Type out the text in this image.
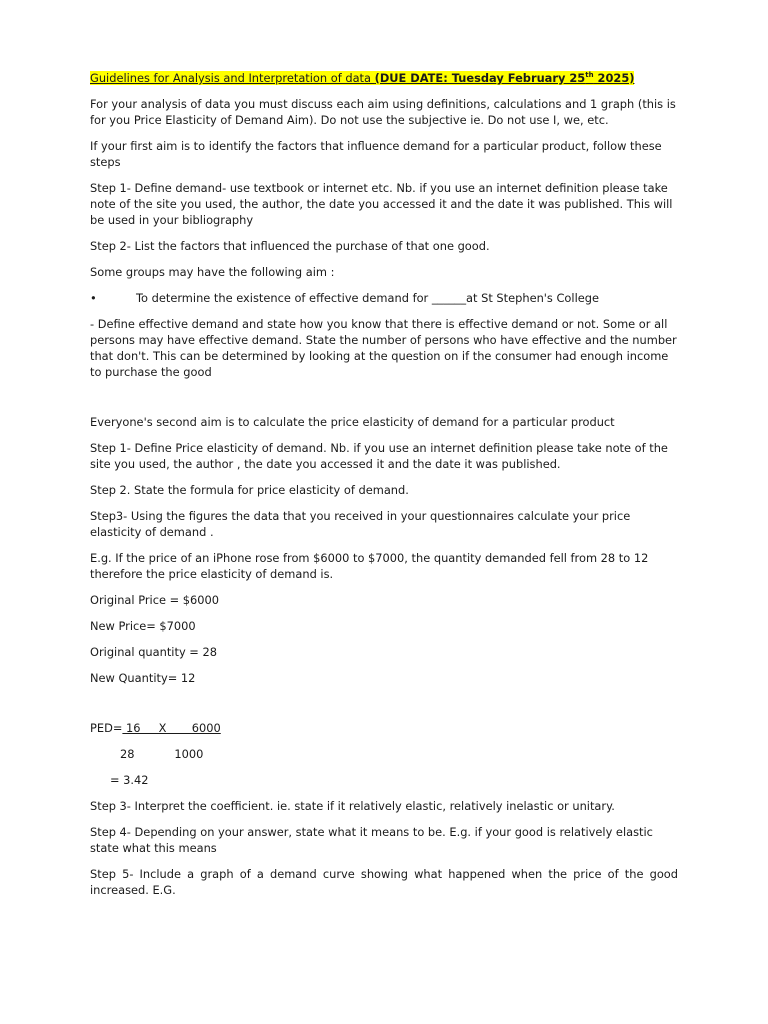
Guidelines for Analysis and Interpretation of data (DUE DATE: Tuesday February 25th 2025)

For your analysis of data you must discuss each aim using definitions, calculations and 1 graph (this is for you Price Elasticity of Demand Aim). Do not use the subjective ie. Do not use I, we, etc.

If your first aim is to identify the factors that influence demand for a particular product, follow these steps

Step 1- Define demand- use textbook or internet etc. Nb. if you use an internet definition please take note of the site you used, the author, the date you accessed it and the date it was published. This will be used in your bibliography

Step 2- List the factors that influenced the purchase of that one good.

Some groups may have the following aim :

•	To determine the existence of effective demand for ______at St Stephen's College

- Define effective demand and state how you know that there is effective demand or not. Some or all persons may have effective demand. State the number of persons who have effective and the number that don't. This can be determined by looking at the question on if the consumer had enough income to purchase the good

Everyone's second aim is to calculate the price elasticity of demand for a particular product

Step 1- Define Price elasticity of demand. Nb. if you use an internet definition please take note of the site you used, the author , the date you accessed it and the date it was published.

Step 2. State the formula for price elasticity of demand.

Step3- Using the figures the data that you received in your questionnaires calculate your price elasticity of demand .

E.g. If the price of an iPhone rose from $6000 to $7000, the quantity demanded fell from 28 to 12 therefore the price elasticity of demand is.

Original Price = $6000

New Price= $7000

Original quantity = 28

New Quantity= 12

PED= 16     X       6000

28           1000

= 3.42

Step 3- Interpret the coefficient. ie. state if it relatively elastic, relatively inelastic or unitary.

Step 4- Depending on your answer, state what it means to be. E.g. if your good is relatively elastic state what this means

Step 5- Include a graph of a demand curve showing what happened when the price of the good increased. E.G.
